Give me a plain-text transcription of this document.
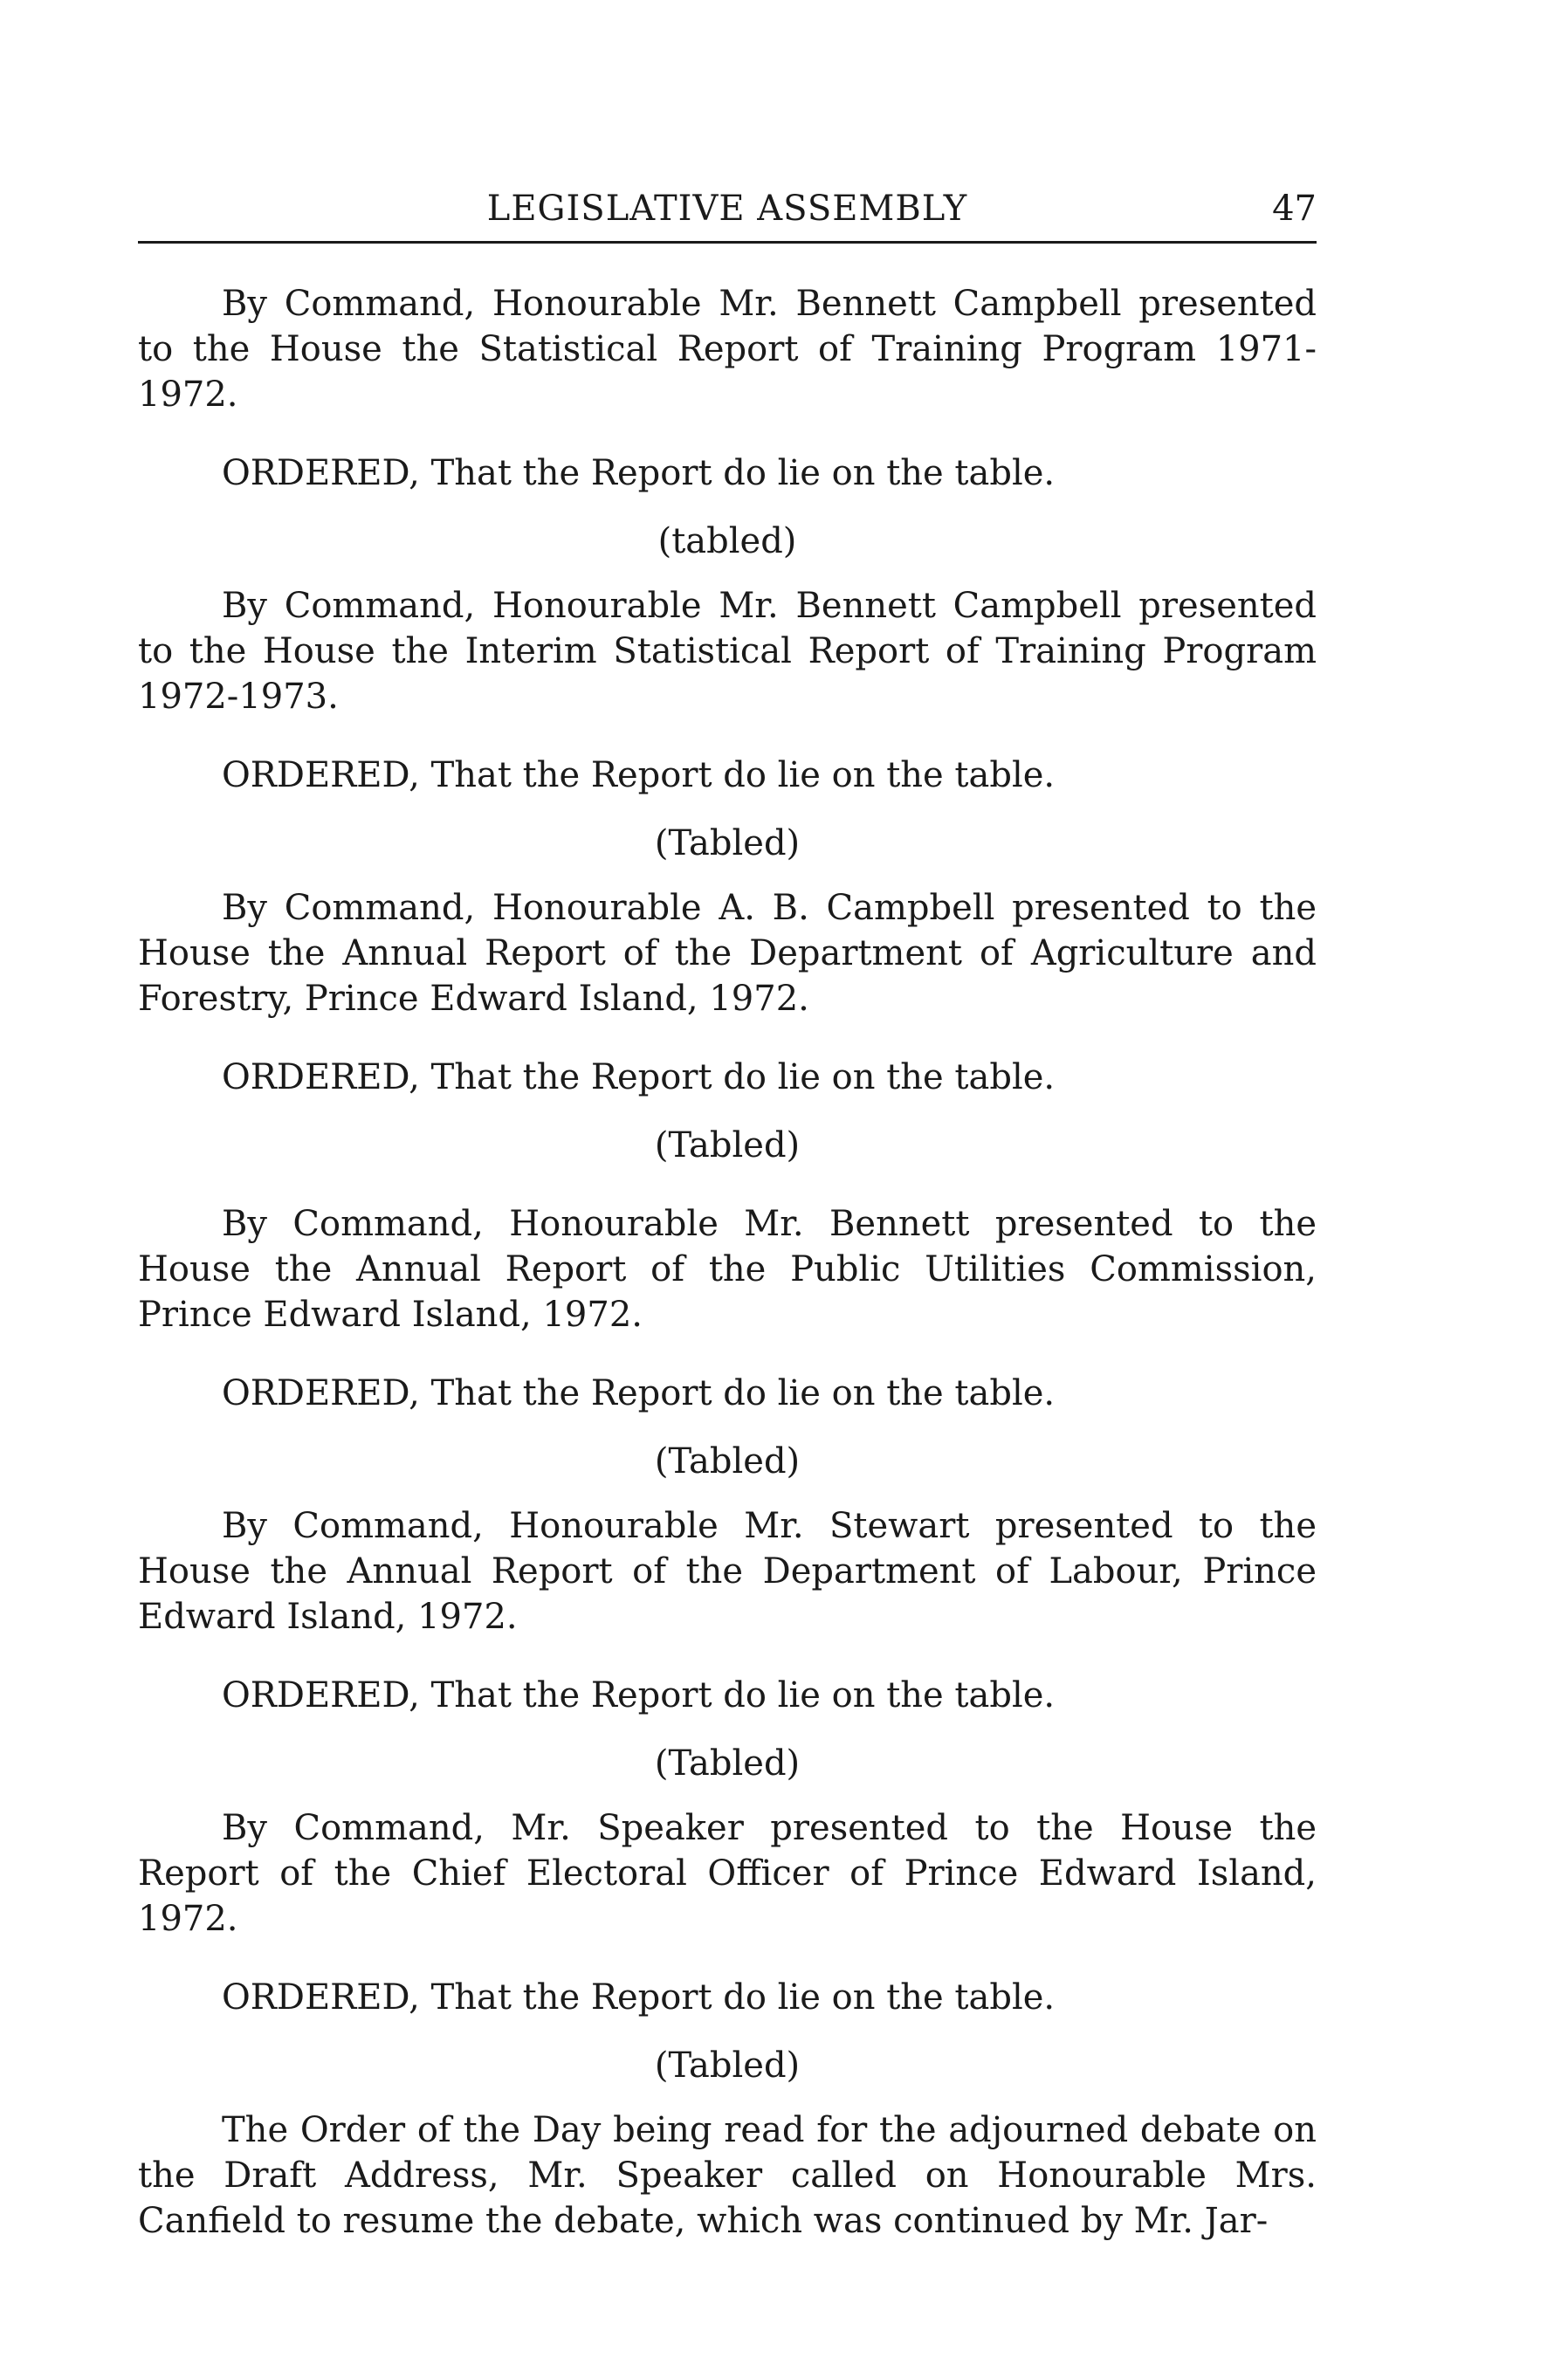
LEGISLATIVE ASSEMBLY	47

By Command, Honourable Mr. Bennett Campbell presented to the House the Statistical Report of Training Program 1971-1972.

ORDERED, That the Report do lie on the table.

(tabled)

By Command, Honourable Mr. Bennett Campbell presented to the House the Interim Statistical Report of Training Program 1972-1973.

ORDERED, That the Report do lie on the table.

(Tabled)

By Command, Honourable A. B. Campbell presented to the House the Annual Report of the Department of Agriculture and Forestry, Prince Edward Island, 1972.

ORDERED, That the Report do lie on the table.

(Tabled)

By Command, Honourable Mr. Bennett presented to the House the Annual Report of the Public Utilities Commission, Prince Edward Island, 1972.

ORDERED, That the Report do lie on the table.

(Tabled)

By Command, Honourable Mr. Stewart presented to the House the Annual Report of the Department of Labour, Prince Edward Island, 1972.

ORDERED, That the Report do lie on the table.

(Tabled)

By Command, Mr. Speaker presented to the House the Report of the Chief Electoral Officer of Prince Edward Island, 1972.

ORDERED, That the Report do lie on the table.

(Tabled)

The Order of the Day being read for the adjourned debate on the Draft Address, Mr. Speaker called on Honourable Mrs. Canfield to resume the debate, which was continued by Mr. Jar-
